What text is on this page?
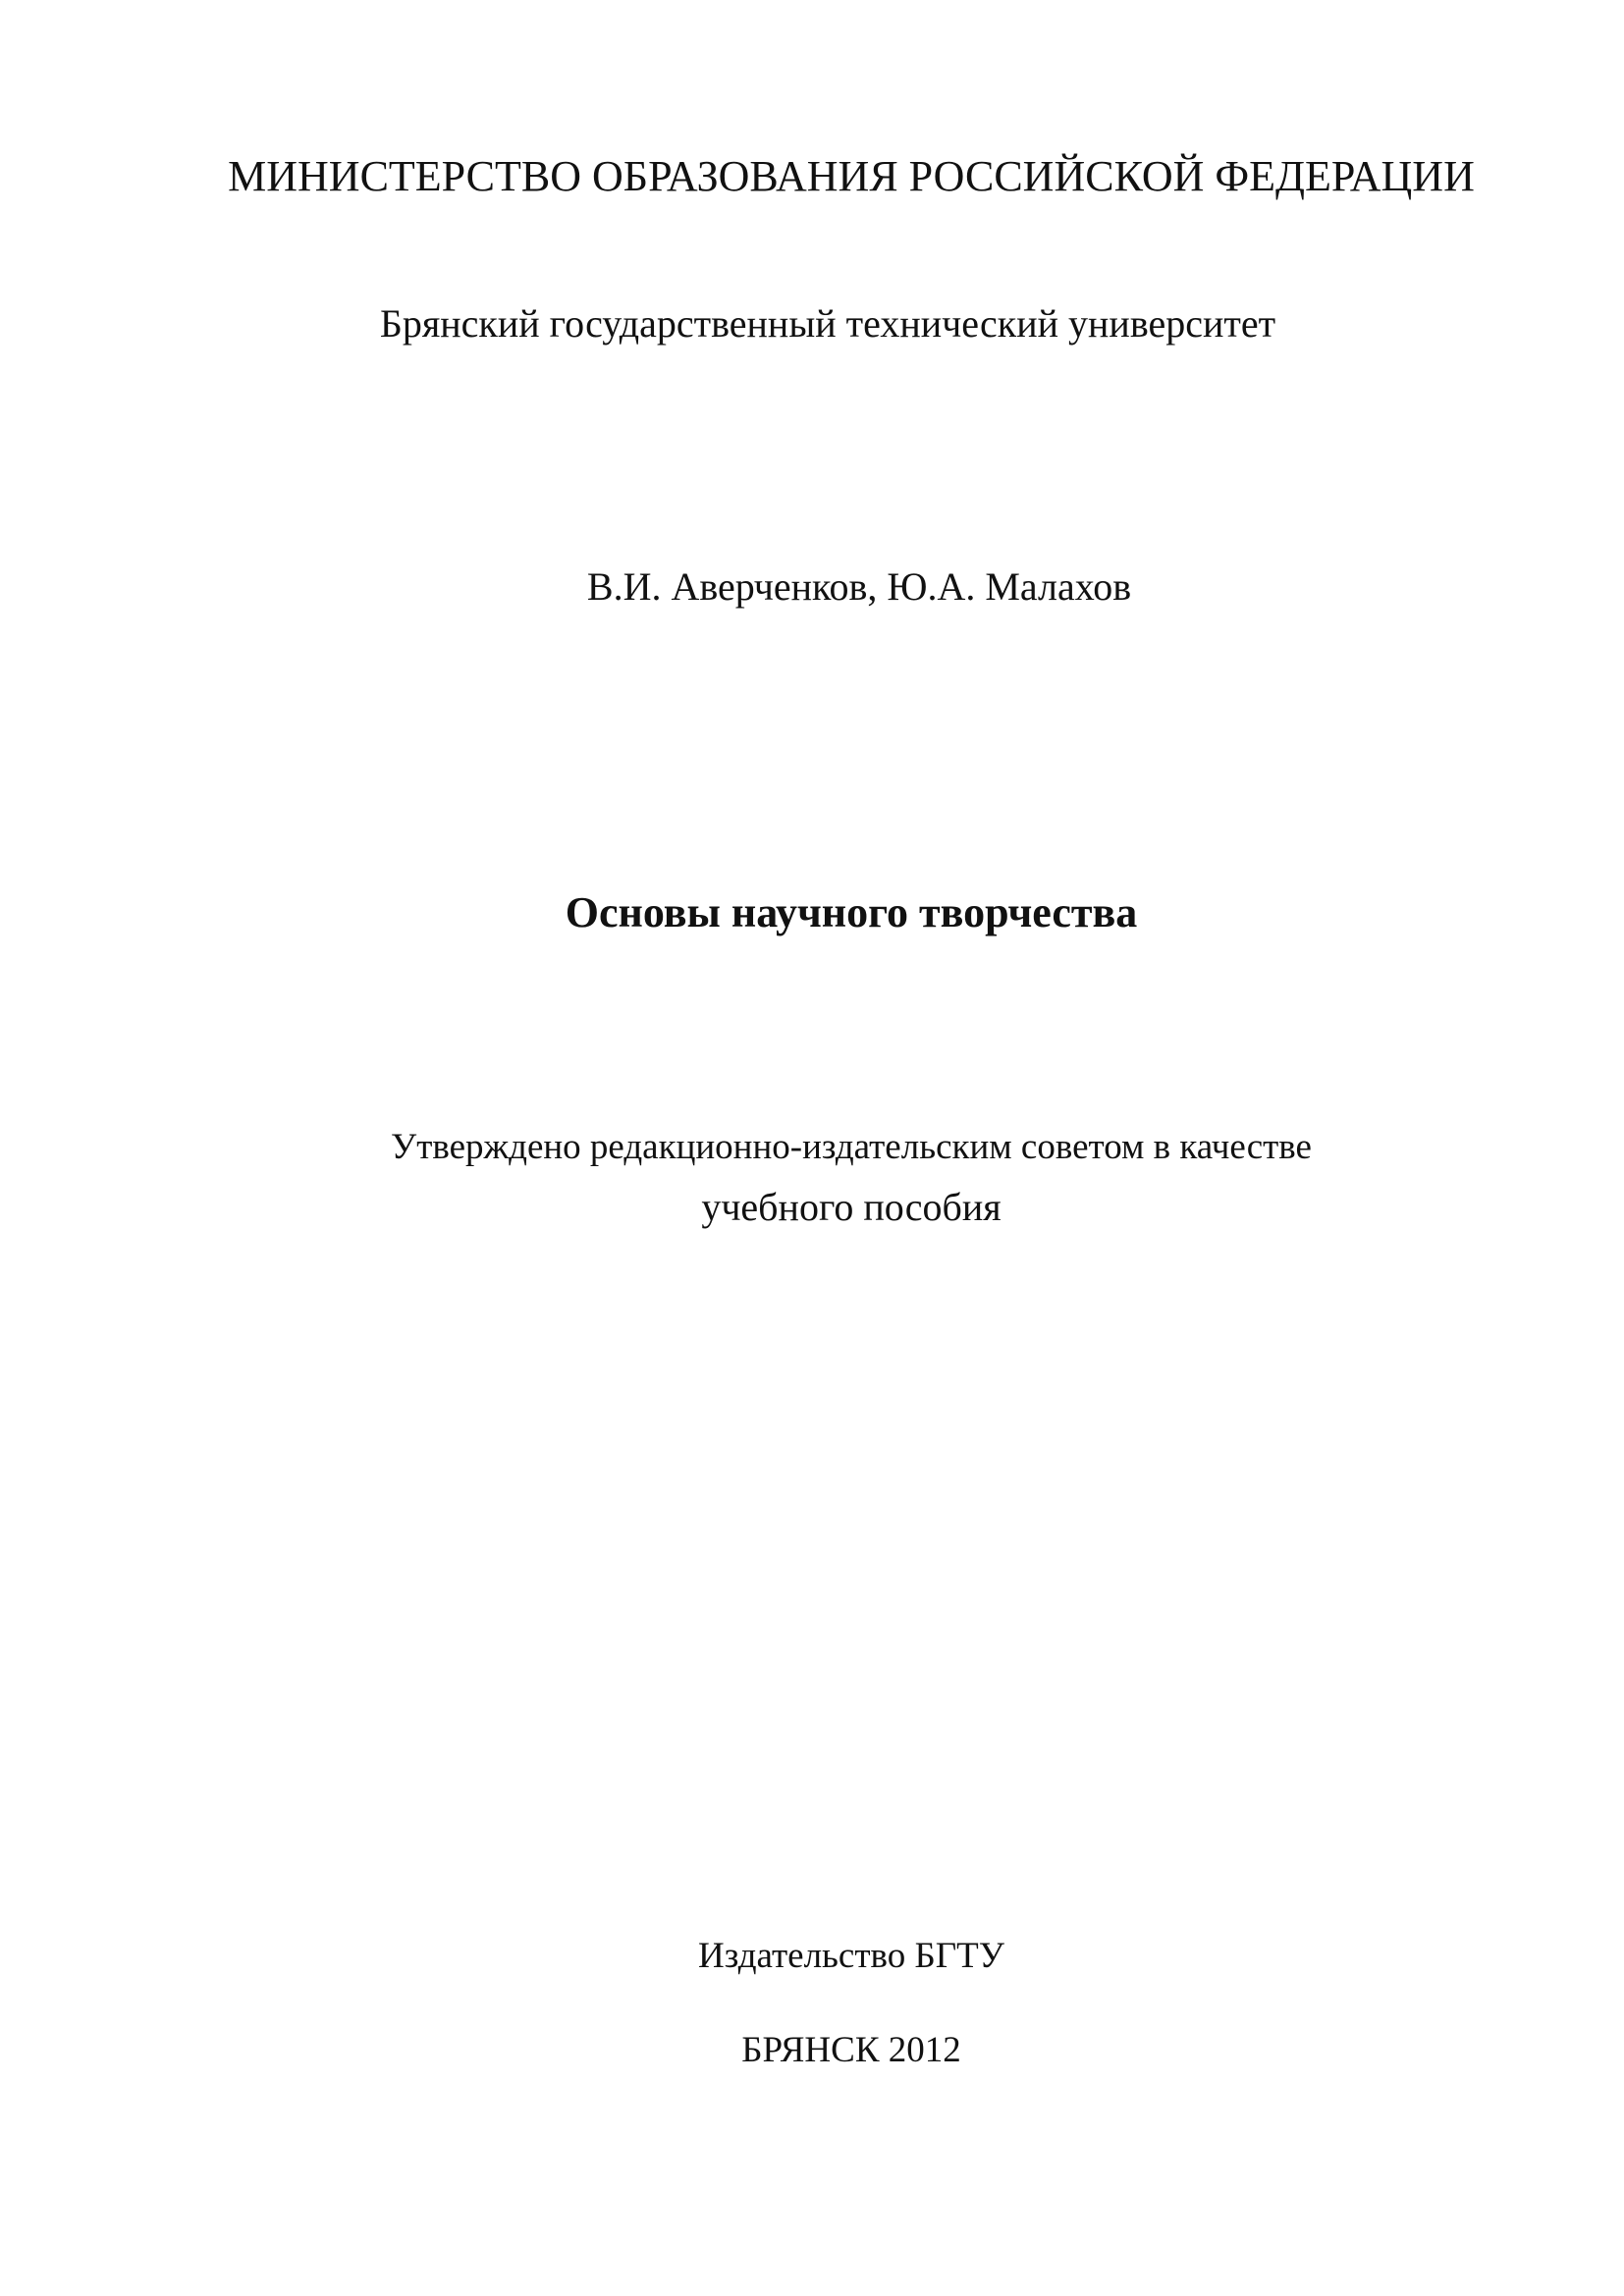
МИНИСТЕРСТВО ОБРАЗОВАНИЯ РОССИЙСКОЙ ФЕДЕРАЦИИ
Брянский государственный технический университет
В.И. Аверченков, Ю.А. Малахов
Основы научного творчества
Утверждено редакционно-издательским советом в качестве
учебного пособия
Издательство БГТУ
БРЯНСК 2012
